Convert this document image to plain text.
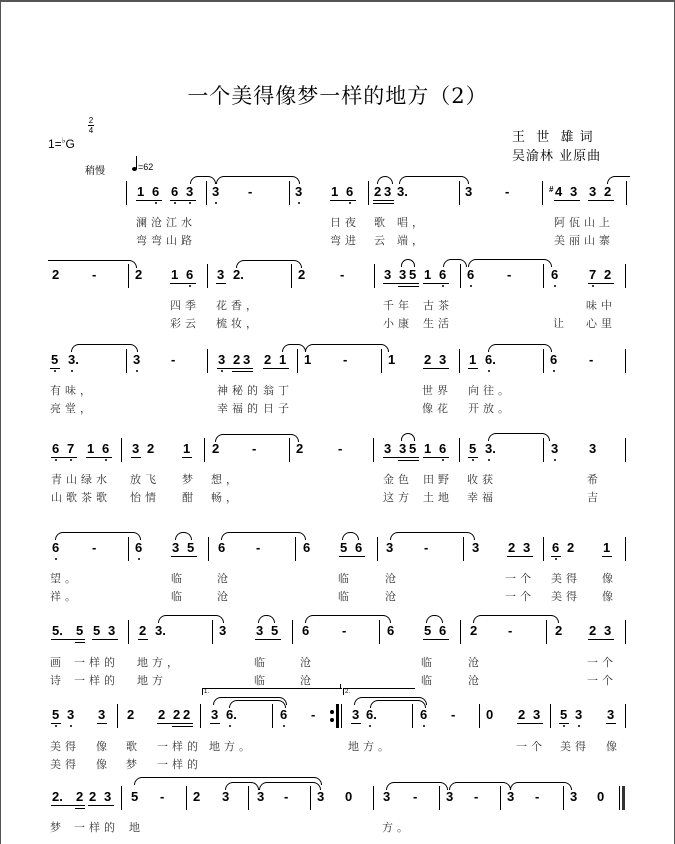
一个美得像梦一样的地方（2）
1=♭G
2
4
稍慢	=62
王  世  雄 词
吴渝林 业原曲
1 6 6 3 3 -	3 1 6 2 3 3.	3	-	# 4 3 3 2
澜沧江水	日夜 歌 唱，	阿佤山上
弯弯山路	弯进 云 端，	美丽山寨
2	-	2 1 6 3 2.	2	-	3 3 5 1 6 6	-	6 7 2
四季 花香，	千年 古茶	味中
彩云 梳妆，	小康 生活	让 心里
5 3.	3 -	3 2 3 2 1 1 -	1 2 3 1 6.	6 -
有味，	神秘的 翁丁	世界 向往。
亮堂，	幸福的 日子	像花 开放。
6 7 1 6 3 2 1 2	-	2	-	3 3 5 1 6 5 3.	3 3
青山绿水 放飞 梦 想，	金色 田野 收获	希
山歌茶歌 怡情 酣 畅，	这方 土地 幸福	吉
6	-	6 3 5 6 -	6 5 6 3 -	3 2 3 6 2 1
望。	临	沧	临	沧	一个 美得 像
祥。	临	沧	临	沧	一个 美得 像
5. 5 5 3 2 3.	3 3 5 6	-	6 5 6 2 -	2 2 3
画 一样的 地方，	临	沧	临	沧	一个
诗 一样的 地方	临	沧	临	沧	一个
1.	2.
5 3 3 2 2 2 2 3 6.	6 -	3 6.	6 - 0 2 3 5 3 3
美得 像 歌 一样的 地方。	地方。	一个 美得 像
美得 像 梦 一样的
2. 2 2 3 5 - 2 3 3 - 3 0 3 - 3 - 3 - 3 0
梦 一样的 地	方。
